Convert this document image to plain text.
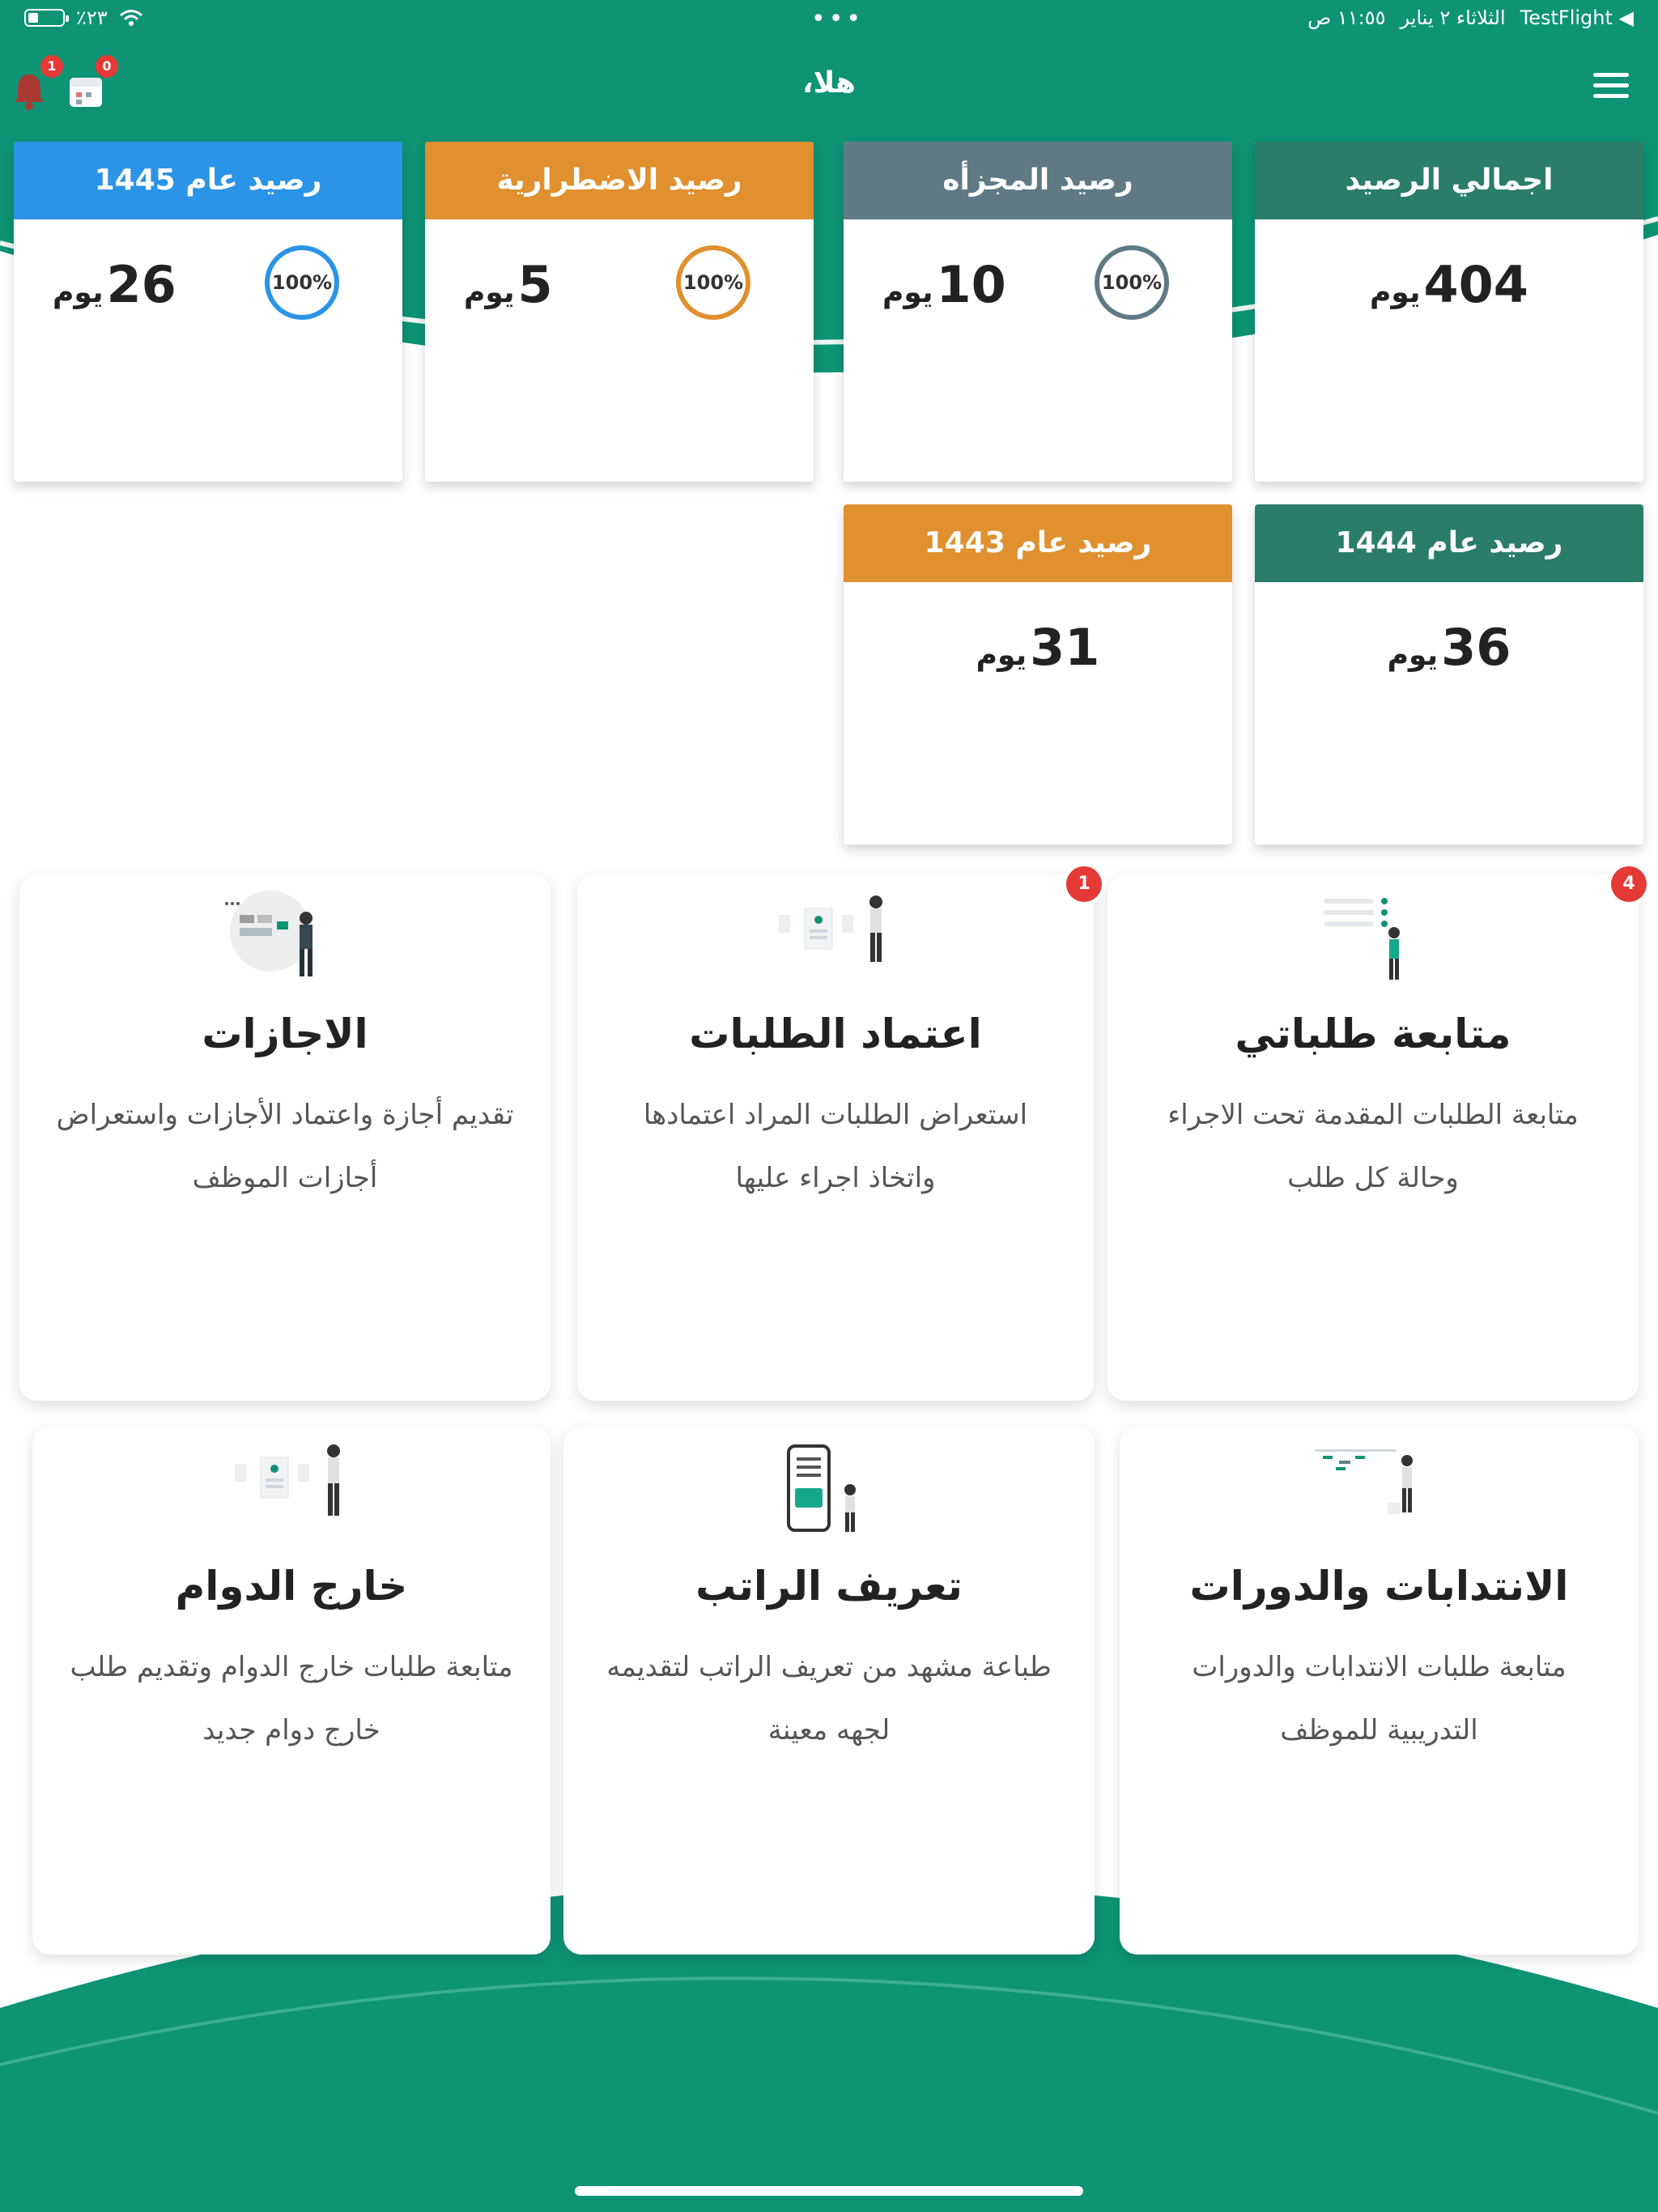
٪٢٣	•••	١١:٥٥ ص الثلاثاء ٢ يناير TestFlight ◀
1	0
هلا،
اجمالي الرصيد
يوم 404
رصيد المجزأه
يوم 10	100%
رصيد الاضطرارية
يوم 5	100%
رصيد عام 1445
يوم 26	100%
رصيد عام 1444
يوم 36
رصيد عام 1443
يوم 31
متابعة طلباتي
متابعة الطلبات المقدمة تحت الاجراء وحالة كل طلب
4
اعتماد الطلبات
استعراض الطلبات المراد اعتمادها واتخاذ اجراء عليها
1
الاجازات
تقديم أجازة واعتماد الأجازات واستعراض أجازات الموظف
الانتدابات والدورات
متابعة طلبات الانتدابات والدورات التدريبية للموظف
تعريف الراتب
طباعة مشهد من تعريف الراتب لتقديمه لجهه معينة
خارج الدوام
متابعة طلبات خارج الدوام وتقديم طلب خارج دوام جديد
